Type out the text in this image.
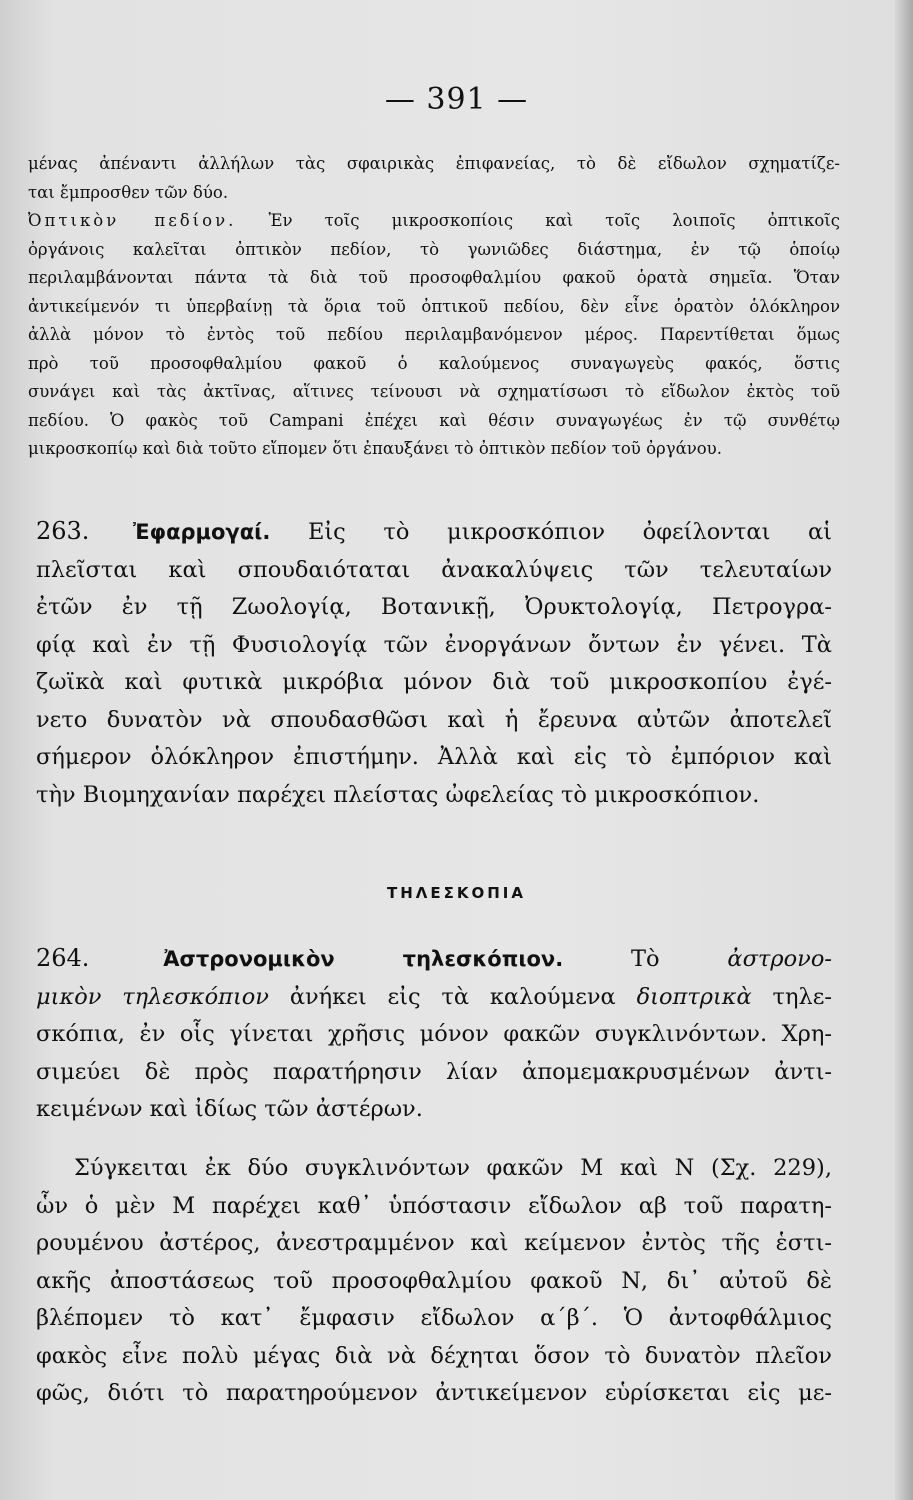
— 391 —

μένας ἀπέναντι ἀλλήλων τὰς σφαιρικὰς ἐπιφανείας, τὸ δὲ εἴδωλον σχηματίζε-

ται ἔμπροσθεν τῶν δύο.

Ὀπτικὸν πεδίον. Ἐν τοῖς μικροσκοπίοις καὶ τοῖς λοιποῖς ὀπτικοῖς

ὀργάνοις καλεῖται ὀπτικὸν πεδίον, τὸ γωνιῶδες διάστημα, ἐν τῷ ὁποίῳ

περιλαμβάνονται πάντα τὰ διὰ τοῦ προσοφθαλμίου φακοῦ ὁρατὰ σημεῖα. Ὅταν

ἀντικείμενόν τι ὑπερβαίνῃ τὰ ὅρια τοῦ ὀπτικοῦ πεδίου, δὲν εἶνε ὁρατὸν ὁλόκληρον

ἀλλὰ μόνον τὸ ἐντὸς τοῦ πεδίου περιλαμβανόμενον μέρος. Παρεντίθεται ὅμως

πρὸ τοῦ προσοφθαλμίου φακοῦ ὁ καλούμενος συναγωγεὺς φακός, ὅστις

συνάγει καὶ τὰς ἀκτῖνας, αἵτινες τείνουσι νὰ σχηματίσωσι τὸ εἴδωλον ἐκτὸς τοῦ

πεδίου. Ὁ φακὸς τοῦ Campani ἐπέχει καὶ θέσιν συναγωγέως ἐν τῷ συνθέτῳ

μικροσκοπίῳ καὶ διὰ τοῦτο εἴπομεν ὅτι ἐπαυξάνει τὸ ὀπτικὸν πεδίον τοῦ ὀργάνου.

263. Ἐφαρμογαί. Εἰς τὸ μικροσκόπιον ὀφείλονται αἱ

πλεῖσται καὶ σπουδαιόταται ἀνακαλύψεις τῶν τελευταίων

ἐτῶν ἐν τῇ Ζωολογίᾳ, Βοτανικῇ, Ὀρυκτολογίᾳ, Πετρογρα-

φίᾳ καὶ ἐν τῇ Φυσιολογίᾳ τῶν ἐνοργάνων ὄντων ἐν γένει. Τὰ

ζωϊκὰ καὶ φυτικὰ μικρόβια μόνον διὰ τοῦ μικροσκοπίου ἐγέ-

νετο δυνατὸν νὰ σπουδασθῶσι καὶ ἡ ἔρευνα αὐτῶν ἀποτελεῖ

σήμερον ὁλόκληρον ἐπιστήμην. Ἀλλὰ καὶ εἰς τὸ ἐμπόριον καὶ

τὴν Βιομηχανίαν παρέχει πλείστας ὠφελείας τὸ μικροσκόπιον.

ΤΗΛΕΣΚΟΠΙΑ

264.	Ἀστρονομικὸν τηλεσκόπιον.	Τὸ	ἀστρονο-

μικὸν τηλεσκόπιον ἀνήκει εἰς τὰ καλούμενα διοπτρικὰ τηλε-

σκόπια, ἐν οἷς γίνεται χρῆσις μόνον φακῶν συγκλινόντων. Χρη-

σιμεύει δὲ πρὸς παρατήρησιν λίαν ἀπομεμακρυσμένων ἀντι-

κειμένων καὶ ἰδίως τῶν ἀστέρων.

Σύγκειται ἐκ δύο συγκλινόντων φακῶν Μ καὶ Ν (Σχ. 229),

ὧν ὁ μὲν Μ παρέχει καθ᾽ ὑπόστασιν εἴδωλον αβ τοῦ παρατη-

ρουμένου ἀστέρος, ἀνεστραμμένον καὶ κείμενον ἐντὸς τῆς ἑστι-

ακῆς ἀποστάσεως τοῦ προσοφθαλμίου φακοῦ Ν, δι᾽ αὐτοῦ δὲ

βλέπομεν τὸ κατ᾽ ἔμφασιν εἴδωλον α΄β΄. Ὁ ἀντοφθάλμιος

φακὸς εἶνε πολὺ μέγας διὰ νὰ δέχηται ὅσον τὸ δυνατὸν πλεῖον

φῶς, διότι τὸ παρατηρούμενον ἀντικείμενον εὑρίσκεται εἰς με-
